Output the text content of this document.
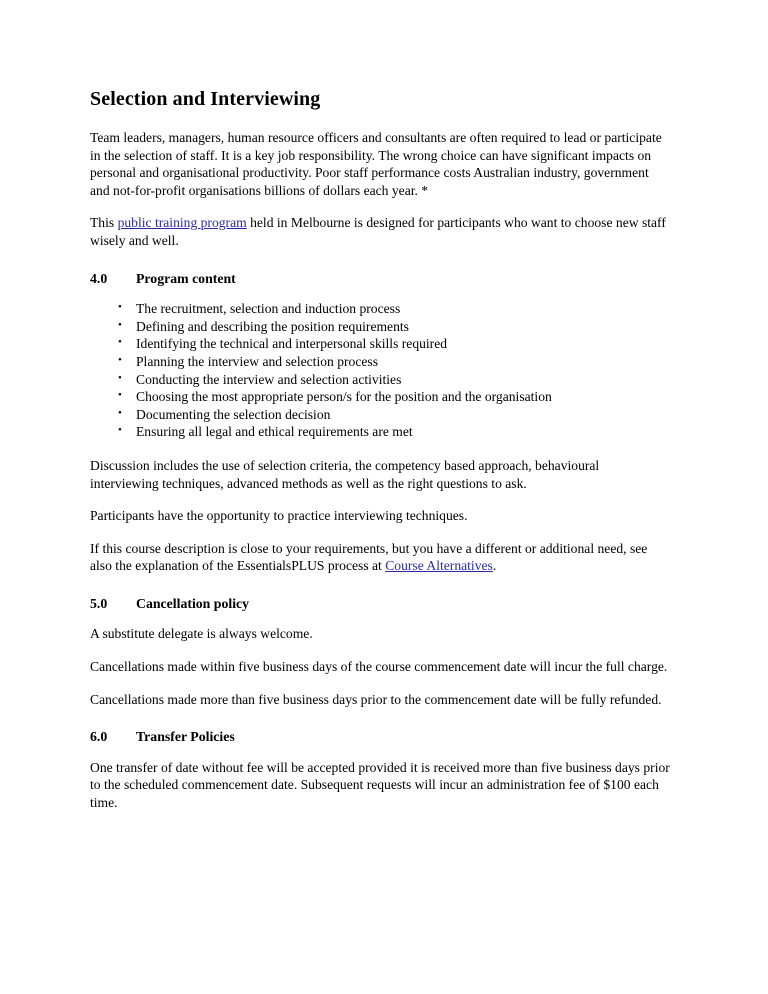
Selection and Interviewing

Team leaders, managers, human resource officers and consultants are often required to lead or participate in the selection of staff. It is a key job responsibility. The wrong choice can have significant impacts on personal and organisational productivity. Poor staff performance costs Australian industry, government and not-for-profit organisations billions of dollars each year. *

This public training program held in Melbourne is designed for participants who want to choose new staff wisely and well.

4.0	Program content
• The recruitment, selection and induction process
• Defining and describing the position requirements
• Identifying the technical and interpersonal skills required
• Planning the interview and selection process
• Conducting the interview and selection activities
• Choosing the most appropriate person/s for the position and the organisation
• Documenting the selection decision
• Ensuring all legal and ethical requirements are met

Discussion includes the use of selection criteria, the competency based approach, behavioural interviewing techniques, advanced methods as well as the right questions to ask.

Participants have the opportunity to practice interviewing techniques.

If this course description is close to your requirements, but you have a different or additional need, see also the explanation of the EssentialsPLUS process at Course Alternatives.

5.0	Cancellation policy

A substitute delegate is always welcome.

Cancellations made within five business days of the course commencement date will incur the full charge.

Cancellations made more than five business days prior to the commencement date will be fully refunded.

6.0	Transfer Policies

One transfer of date without fee will be accepted provided it is received more than five business days prior to the scheduled commencement date. Subsequent requests will incur an administration fee of $100 each time.
